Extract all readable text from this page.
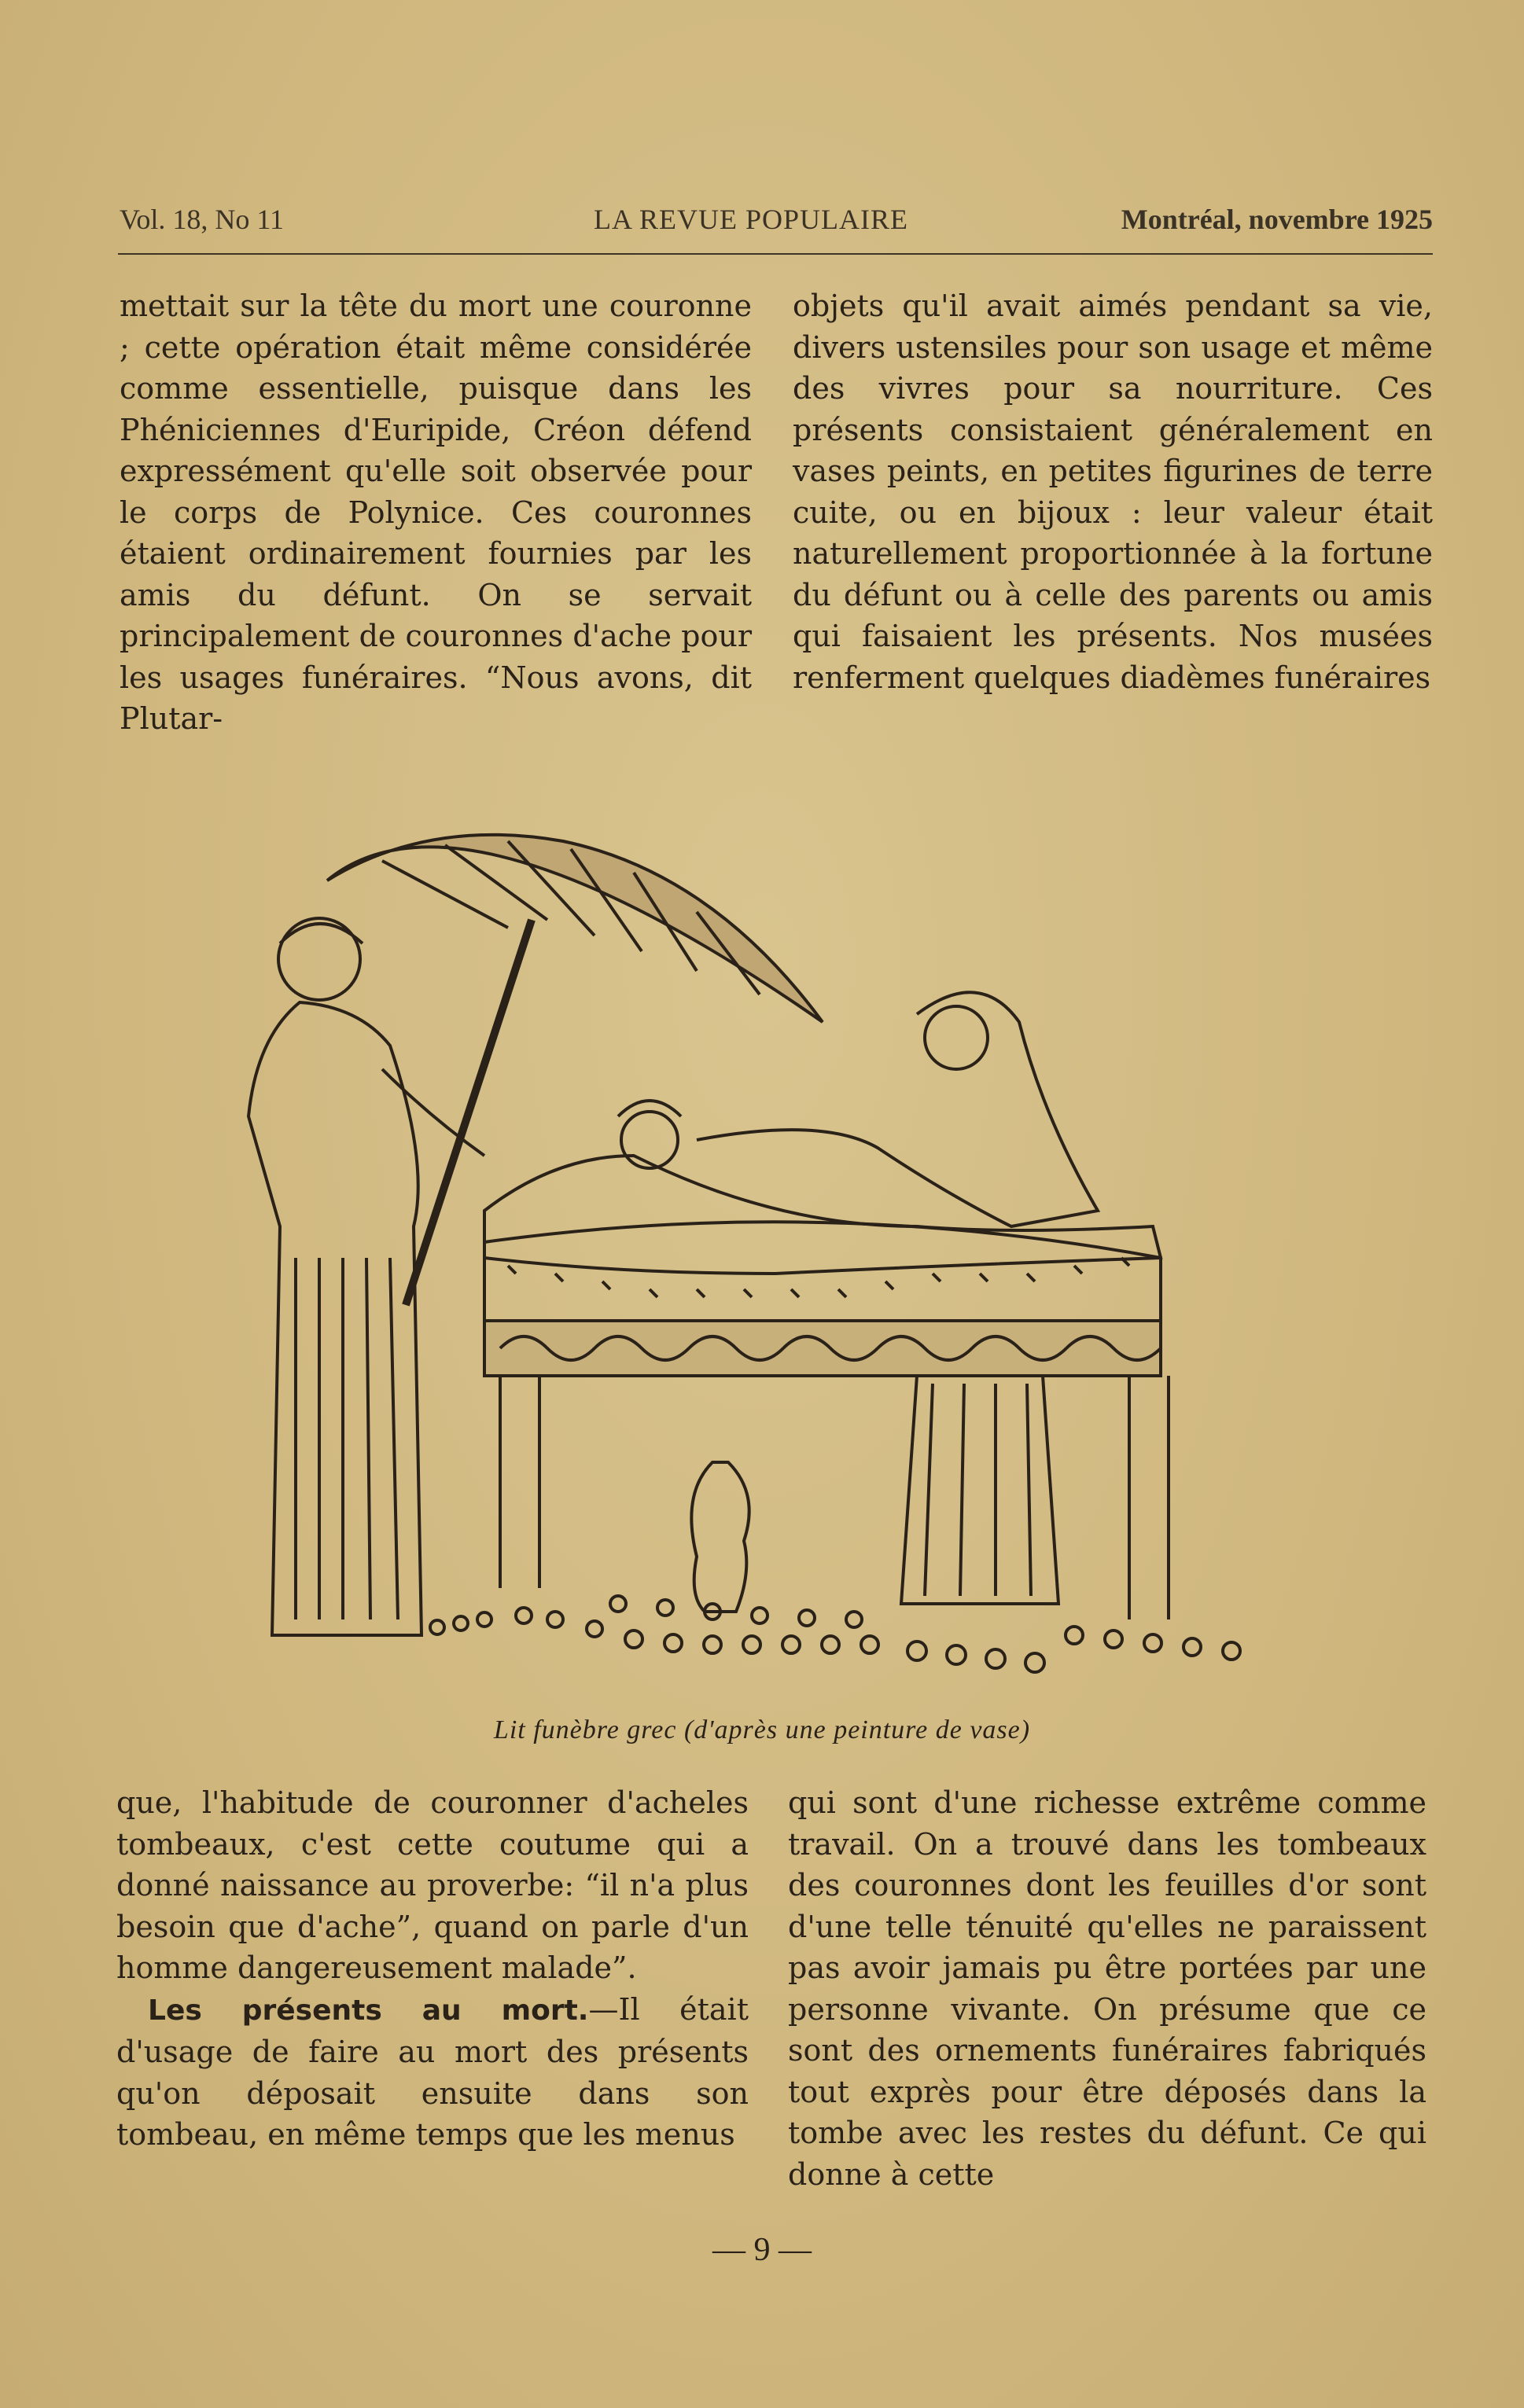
Vol. 18, No 11	LA REVUE POPULAIRE	Montréal, novembre 1925

mettait sur la tête du mort une couronne ; cette opération était même considérée comme essentielle, puisque dans les Phéniciennes d'Euripide, Créon défend expressément qu'elle soit observée pour le corps de Polynice. Ces couronnes étaient ordinairement fournies par les amis du défunt. On se servait principalement de couronnes d'ache pour les usages funéraires. “Nous avons, dit Plutar-

objets qu'il avait aimés pendant sa vie, divers ustensiles pour son usage et même des vivres pour sa nourriture. Ces présents consistaient généralement en vases peints, en petites figurines de terre cuite, ou en bijoux : leur valeur était naturellement proportionnée à la fortune du défunt ou à celle des parents ou amis qui faisaient les présents. Nos musées renferment quelques diadèmes funéraires

Lit funèbre grec (d'après une peinture de vase)

que, l'habitude de couronner d'acheles tombeaux, c'est cette coutume qui a donné naissance au proverbe: “il n'a plus besoin que d'ache”, quand on parle d'un homme dangereusement malade”.

Les présents au mort.—Il était d'usage de faire au mort des présents qu'on déposait ensuite dans son tombeau, en même temps que les menus

qui sont d'une richesse extrême comme travail. On a trouvé dans les tombeaux des couronnes dont les feuilles d'or sont d'une telle ténuité qu'elles ne paraissent pas avoir jamais pu être portées par une personne vivante. On présume que ce sont des ornements funéraires fabriqués tout exprès pour être déposés dans la tombe avec les restes du défunt. Ce qui donne à cette

— 9 —
